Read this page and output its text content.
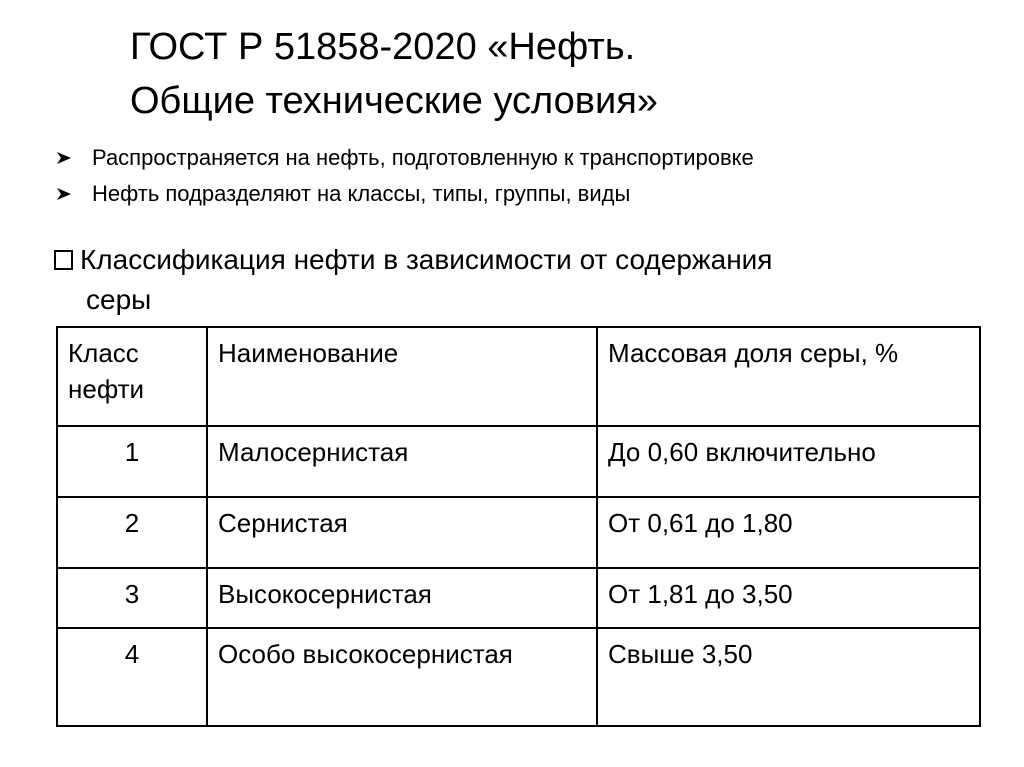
ГОСТ Р 51858-2020 «Нефть.
Общие технические условия»
Распространяется на нефть, подготовленную к транспортировке
Нефть подразделяют на классы, типы, группы, виды
Классификация нефти в зависимости от содержания
серы
Класс нефти	Наименование	Массовая доля серы, %
1	Малосернистая	До 0,60 включительно
2	Сернистая	От 0,61 до 1,80
3	Высокосернистая	От 1,81 до 3,50
4	Особо высокосернистая	Свыше 3,50
